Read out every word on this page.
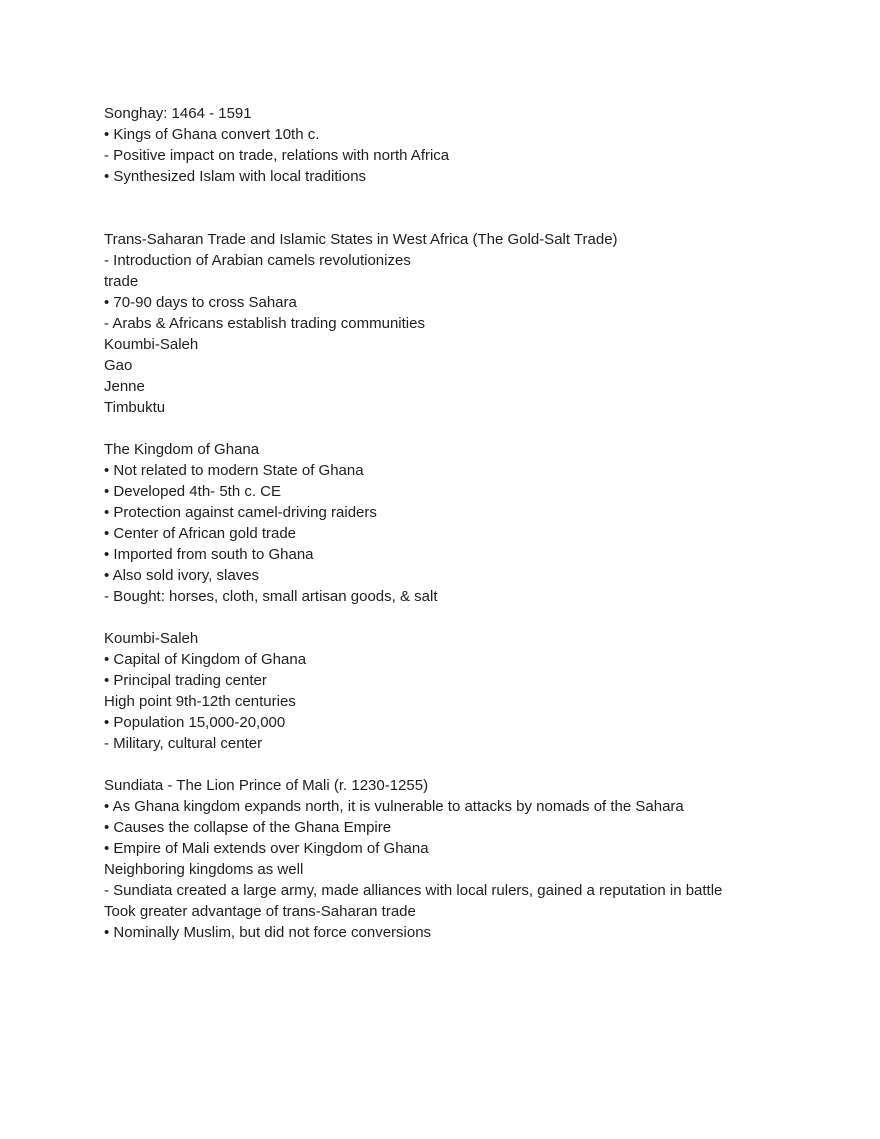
Songhay: 1464 - 1591
• Kings of Ghana convert 10th c.
- Positive impact on trade, relations with north Africa
• Synthesized Islam with local traditions
Trans-Saharan Trade and Islamic States in West Africa (The Gold-Salt Trade)
- Introduction of Arabian camels revolutionizes
trade
• 70-90 days to cross Sahara
- Arabs & Africans establish trading communities
Koumbi-Saleh
Gao
Jenne
Timbuktu
The Kingdom of Ghana
• Not related to modern State of Ghana
• Developed 4th- 5th c. CE
• Protection against camel-driving raiders
• Center of African gold trade
• Imported from south to Ghana
• Also sold ivory, slaves
- Bought: horses, cloth, small artisan goods, & salt
Koumbi-Saleh
• Capital of Kingdom of Ghana
• Principal trading center
High point 9th-12th centuries
• Population 15,000-20,000
- Military, cultural center
Sundiata - The Lion Prince of Mali (r. 1230-1255)
• As Ghana kingdom expands north, it is vulnerable to attacks by nomads of the Sahara
• Causes the collapse of the Ghana Empire
• Empire of Mali extends over Kingdom of Ghana
Neighboring kingdoms as well
- Sundiata created a large army, made alliances with local rulers, gained a reputation in battle
Took greater advantage of trans-Saharan trade
• Nominally Muslim, but did not force conversions
